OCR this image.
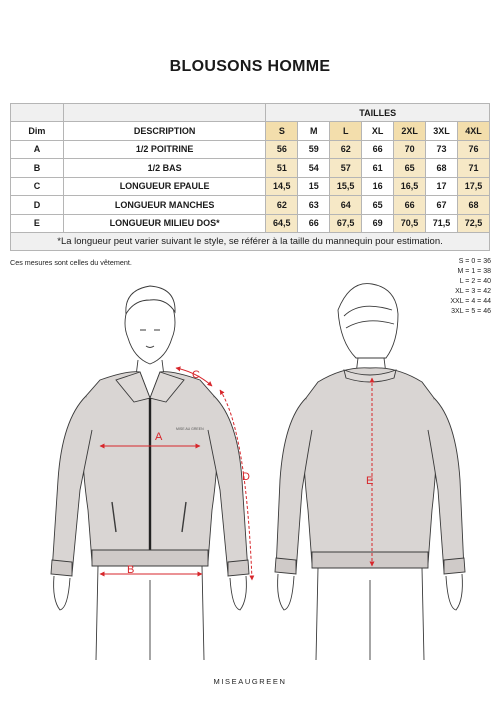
BLOUSONS HOMME
		TAILLES						
Dim	DESCRIPTION	S	M	L	XL	2XL	3XL	4XL
A	1/2 POITRINE	56	59	62	66	70	73	76
B	1/2 BAS	51	54	57	61	65	68	71
C	LONGUEUR EPAULE	14,5	15	15,5	16	16,5	17	17,5
D	LONGUEUR MANCHES	62	63	64	65	66	67	68
E	LONGUEUR MILIEU DOS*	64,5	66	67,5	69	70,5	71,5	72,5
*La longueur peut varier suivant le style, se référer à la taille du mannequin pour estimation.								
Ces mesures sont celles du vêtement.	S = 0 = 36
M = 1 = 38
L = 2 = 40
XL = 3 = 42
XXL = 4 = 44
3XL = 5 = 46
MISE AU GREEN
A
B
C
D	E
MISEAUGREEN
